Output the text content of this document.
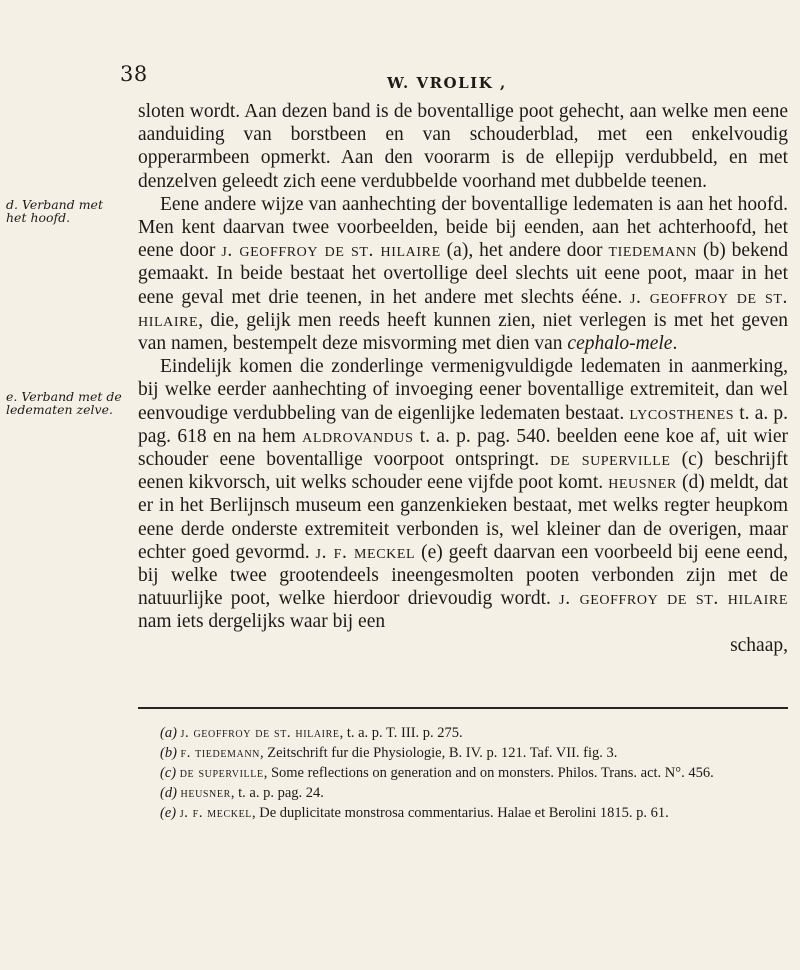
38	W. VROLIK ,
d. Verband met het hoofd.
e. Verband met de ledematen zelve.

sloten wordt. Aan dezen band is de boventallige poot gehecht, aan welke men eene aanduiding van borstbeen en van schouderblad, met een enkelvoudig opperarmbeen opmerkt. Aan den voorarm is de ellepijp verdubbeld, en met denzelven geleedt zich eene verdubbelde voorhand met dubbelde teenen.

Eene andere wijze van aanhechting der boventallige ledematen is aan het hoofd. Men kent daarvan twee voorbeelden, beide bij eenden, aan het achterhoofd, het eene door j. geoffroy de st. hilaire (a), het andere door tiedemann (b) bekend gemaakt. In beide bestaat het overtollige deel slechts uit eene poot, maar in het eene geval met drie teenen, in het andere met slechts ééne. j. geoffroy de st. hilaire, die, gelijk men reeds heeft kunnen zien, niet verlegen is met het geven van namen, bestempelt deze misvorming met dien van cephalo-mele.

Eindelijk komen die zonderlinge vermenigvuldigde ledematen in aanmerking, bij welke eerder aanhechting of invoeging eener boventallige extremiteit, dan wel eenvoudige verdubbeling van de eigenlijke ledematen bestaat. lycosthenes t. a. p. pag. 618 en na hem aldrovandus t. a. p. pag. 540. beelden eene koe af, uit wier schouder eene boventallige voorpoot ontspringt. de superville (c) beschrijft eenen kikvorsch, uit welks schouder eene vijfde poot komt. heusner (d) meldt, dat er in het Berlijnsch museum een ganzenkieken bestaat, met welks regter heupkom eene derde onderste extremiteit verbonden is, wel kleiner dan de overigen, maar echter goed gevormd. j. f. meckel (e) geeft daarvan een voorbeeld bij eene eend, bij welke twee grootendeels ineengesmolten pooten verbonden zijn met de natuurlijke poot, welke hierdoor drievoudig wordt. j. geoffroy de st. hilaire nam iets dergelijks waar bij een

schaap,

(a) j. geoffroy de st. hilaire, t. a. p. T. III. p. 275.

(b) f. tiedemann, Zeitschrift fur die Physiologie, B. IV. p. 121. Taf. VII. fig. 3.

(c) de superville, Some reflections on generation and on monsters. Philos. Trans. act. N°. 456.

(d) heusner, t. a. p. pag. 24.

(e) j. f. meckel, De duplicitate monstrosa commentarius. Halae et Berolini 1815. p. 61.
